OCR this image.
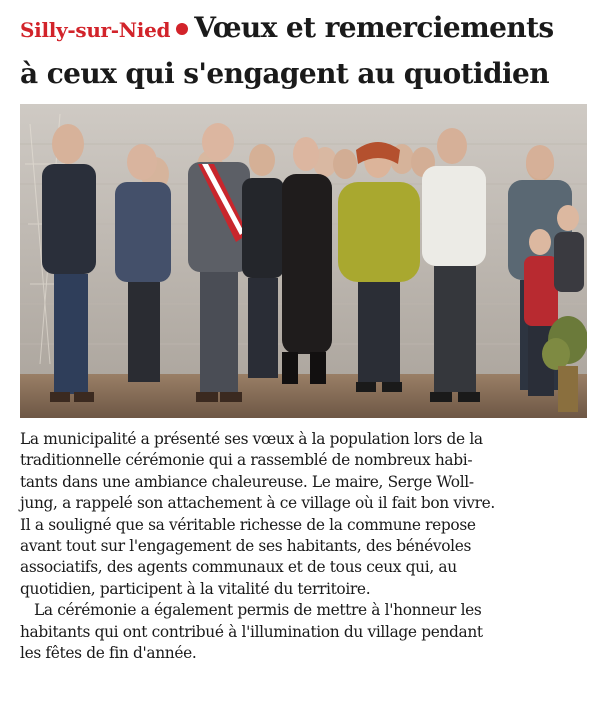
Silly-sur-Nied Vœux et remerciements
à ceux qui s'engagent au quotidien
La municipalité a présenté ses vœux à la population lors de la
traditionnelle cérémonie qui a rassemblé de nombreux habi-
tants dans une ambiance chaleureuse. Le maire, Serge Woll-
jung, a rappelé son attachement à ce village où il fait bon vivre.
Il a souligné que sa véritable richesse de la commune repose
avant tout sur l'engagement de ses habitants, des bénévoles
associatifs, des agents communaux et de tous ceux qui, au
quotidien, participent à la vitalité du territoire.
La cérémonie a également permis de mettre à l'honneur les
habitants qui ont contribué à l'illumination du village pendant
les fêtes de fin d'année.
